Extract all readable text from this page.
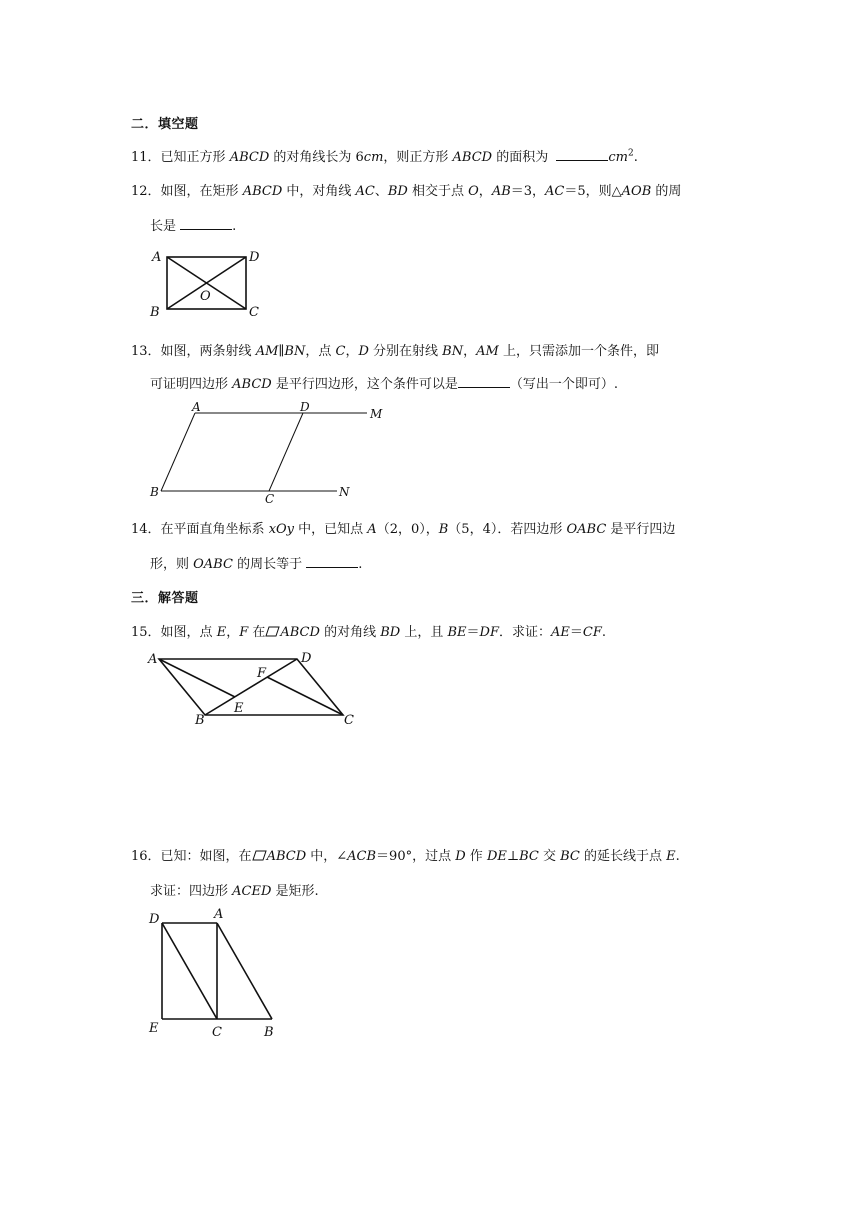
二．填空题
11．已知正方形 ABCD 的对角线长为 6cm，则正方形 ABCD 的面积为	$cm^2$.
12．如图，在矩形 ABCD 中，对角线 AC、BD 相交于点 O，AB＝3，AC＝5，则△AOB 的周
长是	.
A	D
B	C
O
13．如图，两条射线 AM∥BN，点 C，D 分别在射线 BN，AM 上，只需添加一个条件，即
可证明四边形 ABCD 是平行四边形，这个条件可以是	（写出一个即可）.
A	D	M
B	C	N
14．在平面直角坐标系 xOy 中，已知点 A（2，0），B（5，4）．若四边形 OABC 是平行四边
形，则 OABC 的周长等于	.
三．解答题
15．如图，点 E，F 在 ABCD 的对角线 BD 上，且 BE＝DF．求证：AE＝CF.
A	D
B	C
E
F
16．已知：如图，在 ABCD 中，∠ACB＝90°，过点 D 作 DE⊥BC 交 BC 的延长线于点 E.
求证：四边形 ACED 是矩形.
D	A
E	C	B
